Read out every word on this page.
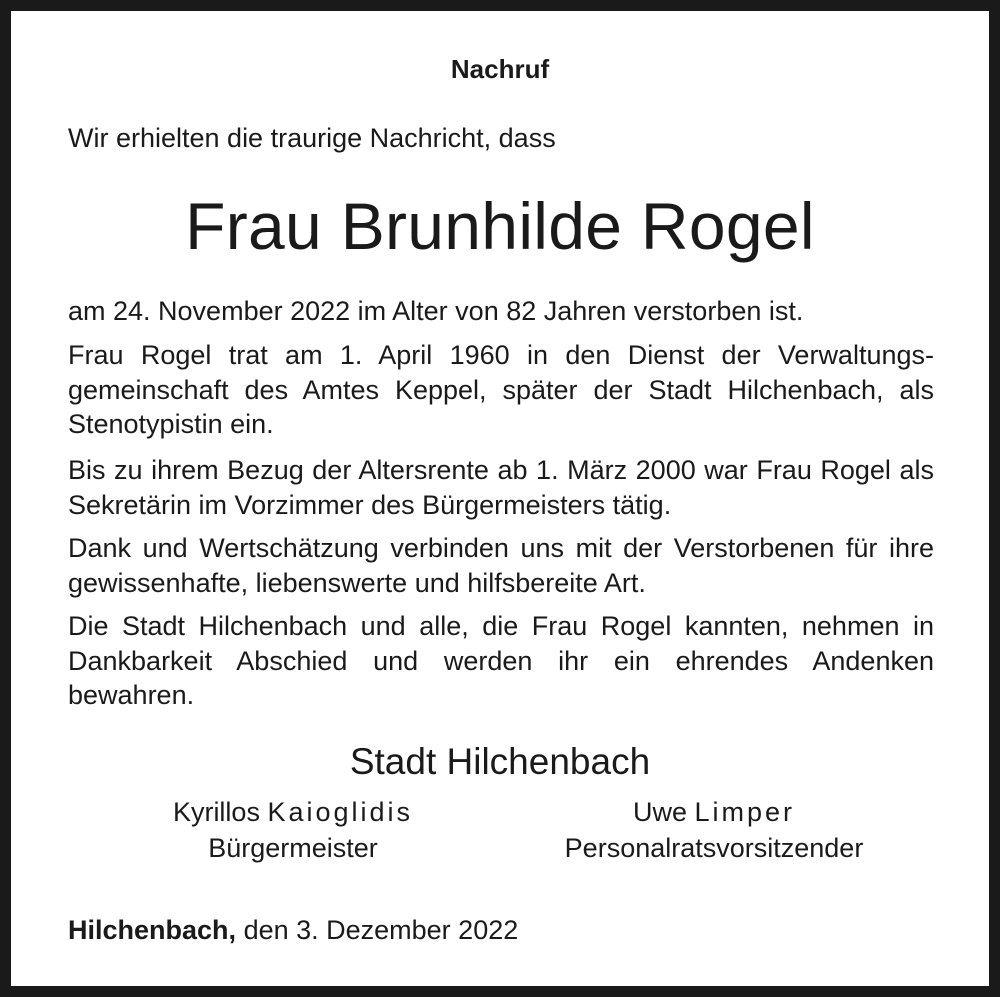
Nachruf

Wir erhielten die traurige Nachricht, dass

Frau Brunhilde Rogel

am 24. November 2022 im Alter von 82 Jahren verstorben ist.

Frau Rogel trat am 1. April 1960 in den Dienst der Verwaltungs-gemeinschaft des Amtes Keppel, später der Stadt Hilchenbach, als Stenotypistin ein.

Bis zu ihrem Bezug der Altersrente ab 1. März 2000 war Frau Rogel als Sekretärin im Vorzimmer des Bürgermeisters tätig.

Dank und Wertschätzung verbinden uns mit der Verstorbenen für ihre gewissenhafte, liebenswerte und hilfsbereite Art.

Die Stadt Hilchenbach und alle, die Frau Rogel kannten, nehmen in Dankbarkeit Abschied und werden ihr ein ehrendes Andenken bewahren.

Stadt Hilchenbach

Kyrillos Kaioglidis
Bürgermeister
Uwe Limper
Personalratsvorsitzender

Hilchenbach, den 3. Dezember 2022
